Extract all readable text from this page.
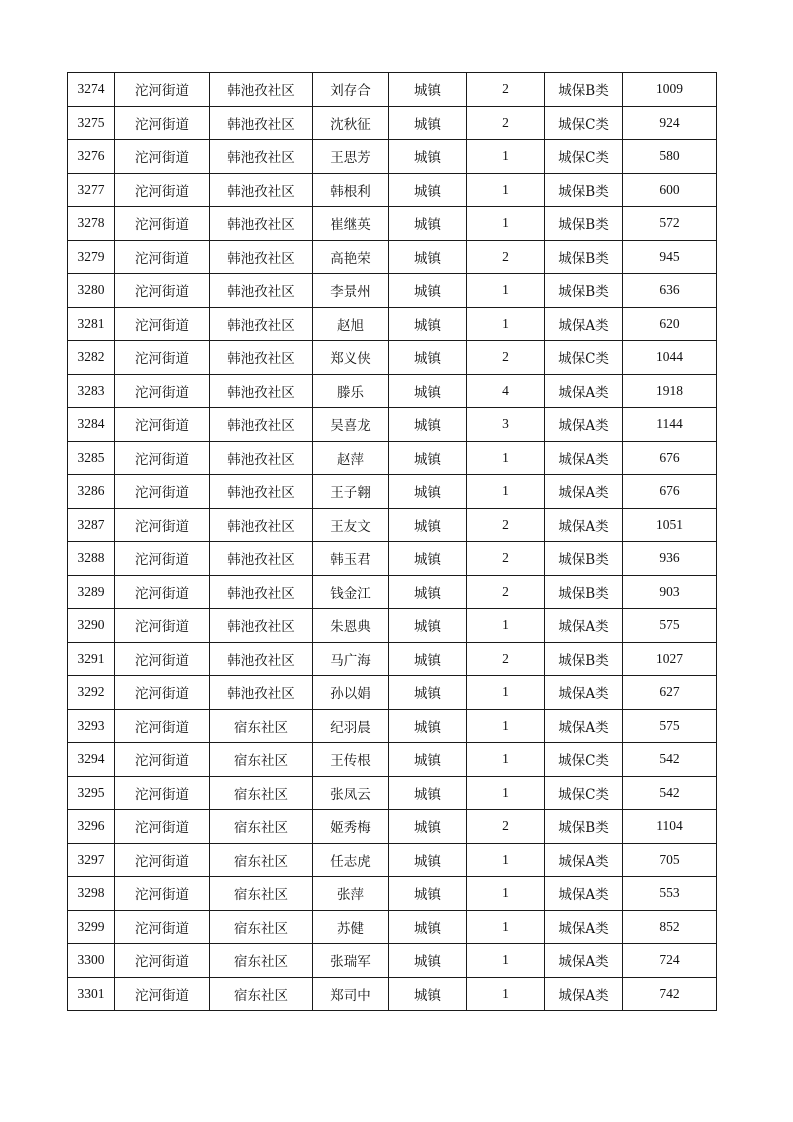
3274	沱河街道	韩池孜社区	刘存合	城镇	2	城保B类	1009
3275	沱河街道	韩池孜社区	沈秋征	城镇	2	城保C类	924
3276	沱河街道	韩池孜社区	王思芳	城镇	1	城保C类	580
3277	沱河街道	韩池孜社区	韩根利	城镇	1	城保B类	600
3278	沱河街道	韩池孜社区	崔继英	城镇	1	城保B类	572
3279	沱河街道	韩池孜社区	高艳荣	城镇	2	城保B类	945
3280	沱河街道	韩池孜社区	李景州	城镇	1	城保B类	636
3281	沱河街道	韩池孜社区	赵旭	城镇	1	城保A类	620
3282	沱河街道	韩池孜社区	郑义侠	城镇	2	城保C类	1044
3283	沱河街道	韩池孜社区	滕乐	城镇	4	城保A类	1918
3284	沱河街道	韩池孜社区	吴喜龙	城镇	3	城保A类	1144
3285	沱河街道	韩池孜社区	赵萍	城镇	1	城保A类	676
3286	沱河街道	韩池孜社区	王子翱	城镇	1	城保A类	676
3287	沱河街道	韩池孜社区	王友文	城镇	2	城保A类	1051
3288	沱河街道	韩池孜社区	韩玉君	城镇	2	城保B类	936
3289	沱河街道	韩池孜社区	钱金江	城镇	2	城保B类	903
3290	沱河街道	韩池孜社区	朱恩典	城镇	1	城保A类	575
3291	沱河街道	韩池孜社区	马广海	城镇	2	城保B类	1027
3292	沱河街道	韩池孜社区	孙以娟	城镇	1	城保A类	627
3293	沱河街道	宿东社区	纪羽晨	城镇	1	城保A类	575
3294	沱河街道	宿东社区	王传根	城镇	1	城保C类	542
3295	沱河街道	宿东社区	张凤云	城镇	1	城保C类	542
3296	沱河街道	宿东社区	姬秀梅	城镇	2	城保B类	1104
3297	沱河街道	宿东社区	任志虎	城镇	1	城保A类	705
3298	沱河街道	宿东社区	张萍	城镇	1	城保A类	553
3299	沱河街道	宿东社区	苏健	城镇	1	城保A类	852
3300	沱河街道	宿东社区	张瑞军	城镇	1	城保A类	724
3301	沱河街道	宿东社区	郑司中	城镇	1	城保A类	742
